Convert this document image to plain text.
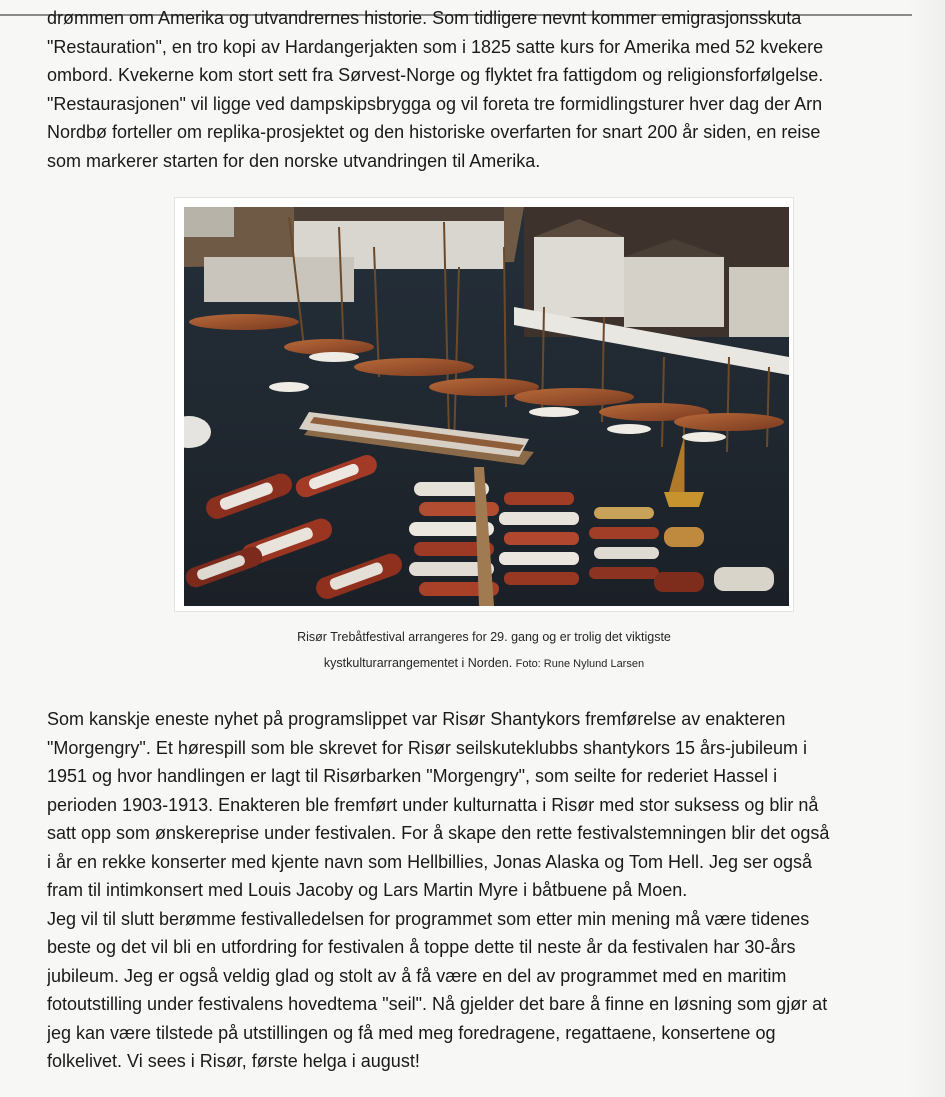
drømmen om Amerika og utvandrernes historie. Som tidligere nevnt kommer emigrasjonsskuta
"Restauration", en tro kopi av Hardangerjakten som i 1825 satte kurs for Amerika med 52 kvekere
ombord. Kvekerne kom stort sett fra Sørvest-Norge og flyktet fra fattigdom og religionsforfølgelse.
"Restaurasjonen" vil ligge ved dampskipsbrygga og vil foreta tre formidlingsturer hver dag der Arn
Nordbø forteller om replika-prosjektet og den historiske overfarten for snart 200 år siden, en reise
som markerer starten for den norske utvandringen til Amerika.
Risør Trebåtfestival arrangeres for 29. gang og er trolig det viktigste
kystkulturarrangementet i Norden. Foto: Rune Nylund Larsen
Som kanskje eneste nyhet på programslippet var Risør Shantykors fremførelse av enakteren
"Morgengry". Et hørespill som ble skrevet for Risør seilskuteklubbs shantykors 15 års-jubileum i
1951 og hvor handlingen er lagt til Risørbarken "Morgengry", som seilte for rederiet Hassel i
perioden 1903-1913. Enakteren ble fremført under kulturnatta i Risør med stor suksess og blir nå
satt opp som ønskereprise under festivalen. For å skape den rette festivalstemningen blir det også
i år en rekke konserter med kjente navn som Hellbillies, Jonas Alaska og Tom Hell. Jeg ser også
fram til intimkonsert med Louis Jacoby og Lars Martin Myre i båtbuene på Moen.
Jeg vil til slutt berømme festivalledelsen for programmet som etter min mening må være tidenes
beste og det vil bli en utfordring for festivalen å toppe dette til neste år da festivalen har 30-års
jubileum. Jeg er også veldig glad og stolt av å få være en del av programmet med en maritim
fotoutstilling under festivalens hovedtema "seil". Nå gjelder det bare å finne en løsning som gjør at
jeg kan være tilstede på utstillingen og få med meg foredragene, regattaene, konsertene og
folkelivet. Vi sees i Risør, første helga i august!
